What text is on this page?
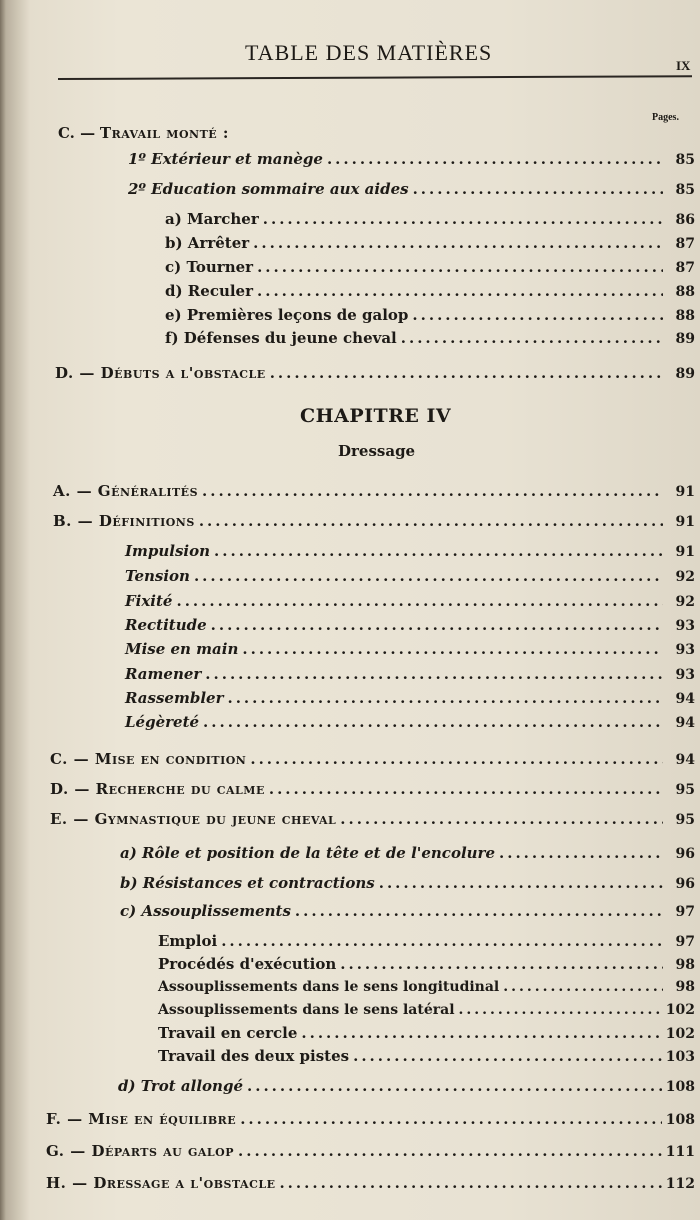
TABLE DES MATIÈRES
IX
Pages.
C. — Travail monté :
1º Extérieur et manège .....	85
2º Education sommaire aux aides .....	85
a) Marcher .....	86
b) Arrêter .....	87
c) Tourner .....	87
d) Reculer .....	88
e) Premières leçons de galop .....	88
f) Défenses du jeune cheval .....	89
D. — Débuts a l'obstacle .....	89
CHAPITRE IV
Dressage
A. — Généralités .....	91
B. — Définitions .....	91
Impulsion .....	91
Tension .....	92
Fixité .....	92
Rectitude .....	93
Mise en main .....	93
Ramener .....	93
Rassembler .....	94
Légèreté .....	94
C. — Mise en condition .....	94
D. — Recherche du calme .....	95
E. — Gymnastique du jeune cheval .....	95
a) Rôle et position de la tête et de l'encolure .....	96
b) Résistances et contractions .....	96
c) Assouplissements .....	97
Emploi .....	97
Procédés d'exécution .....	98
Assouplissements dans le sens longitudinal .....	98
Assouplissements dans le sens latéral .....	102
Travail en cercle .....	102
Travail des deux pistes .....	103
d) Trot allongé .....	108
F. — Mise en équilibre .....	108
G. — Départs au galop .....	111
H. — Dressage a l'obstacle .....	112
